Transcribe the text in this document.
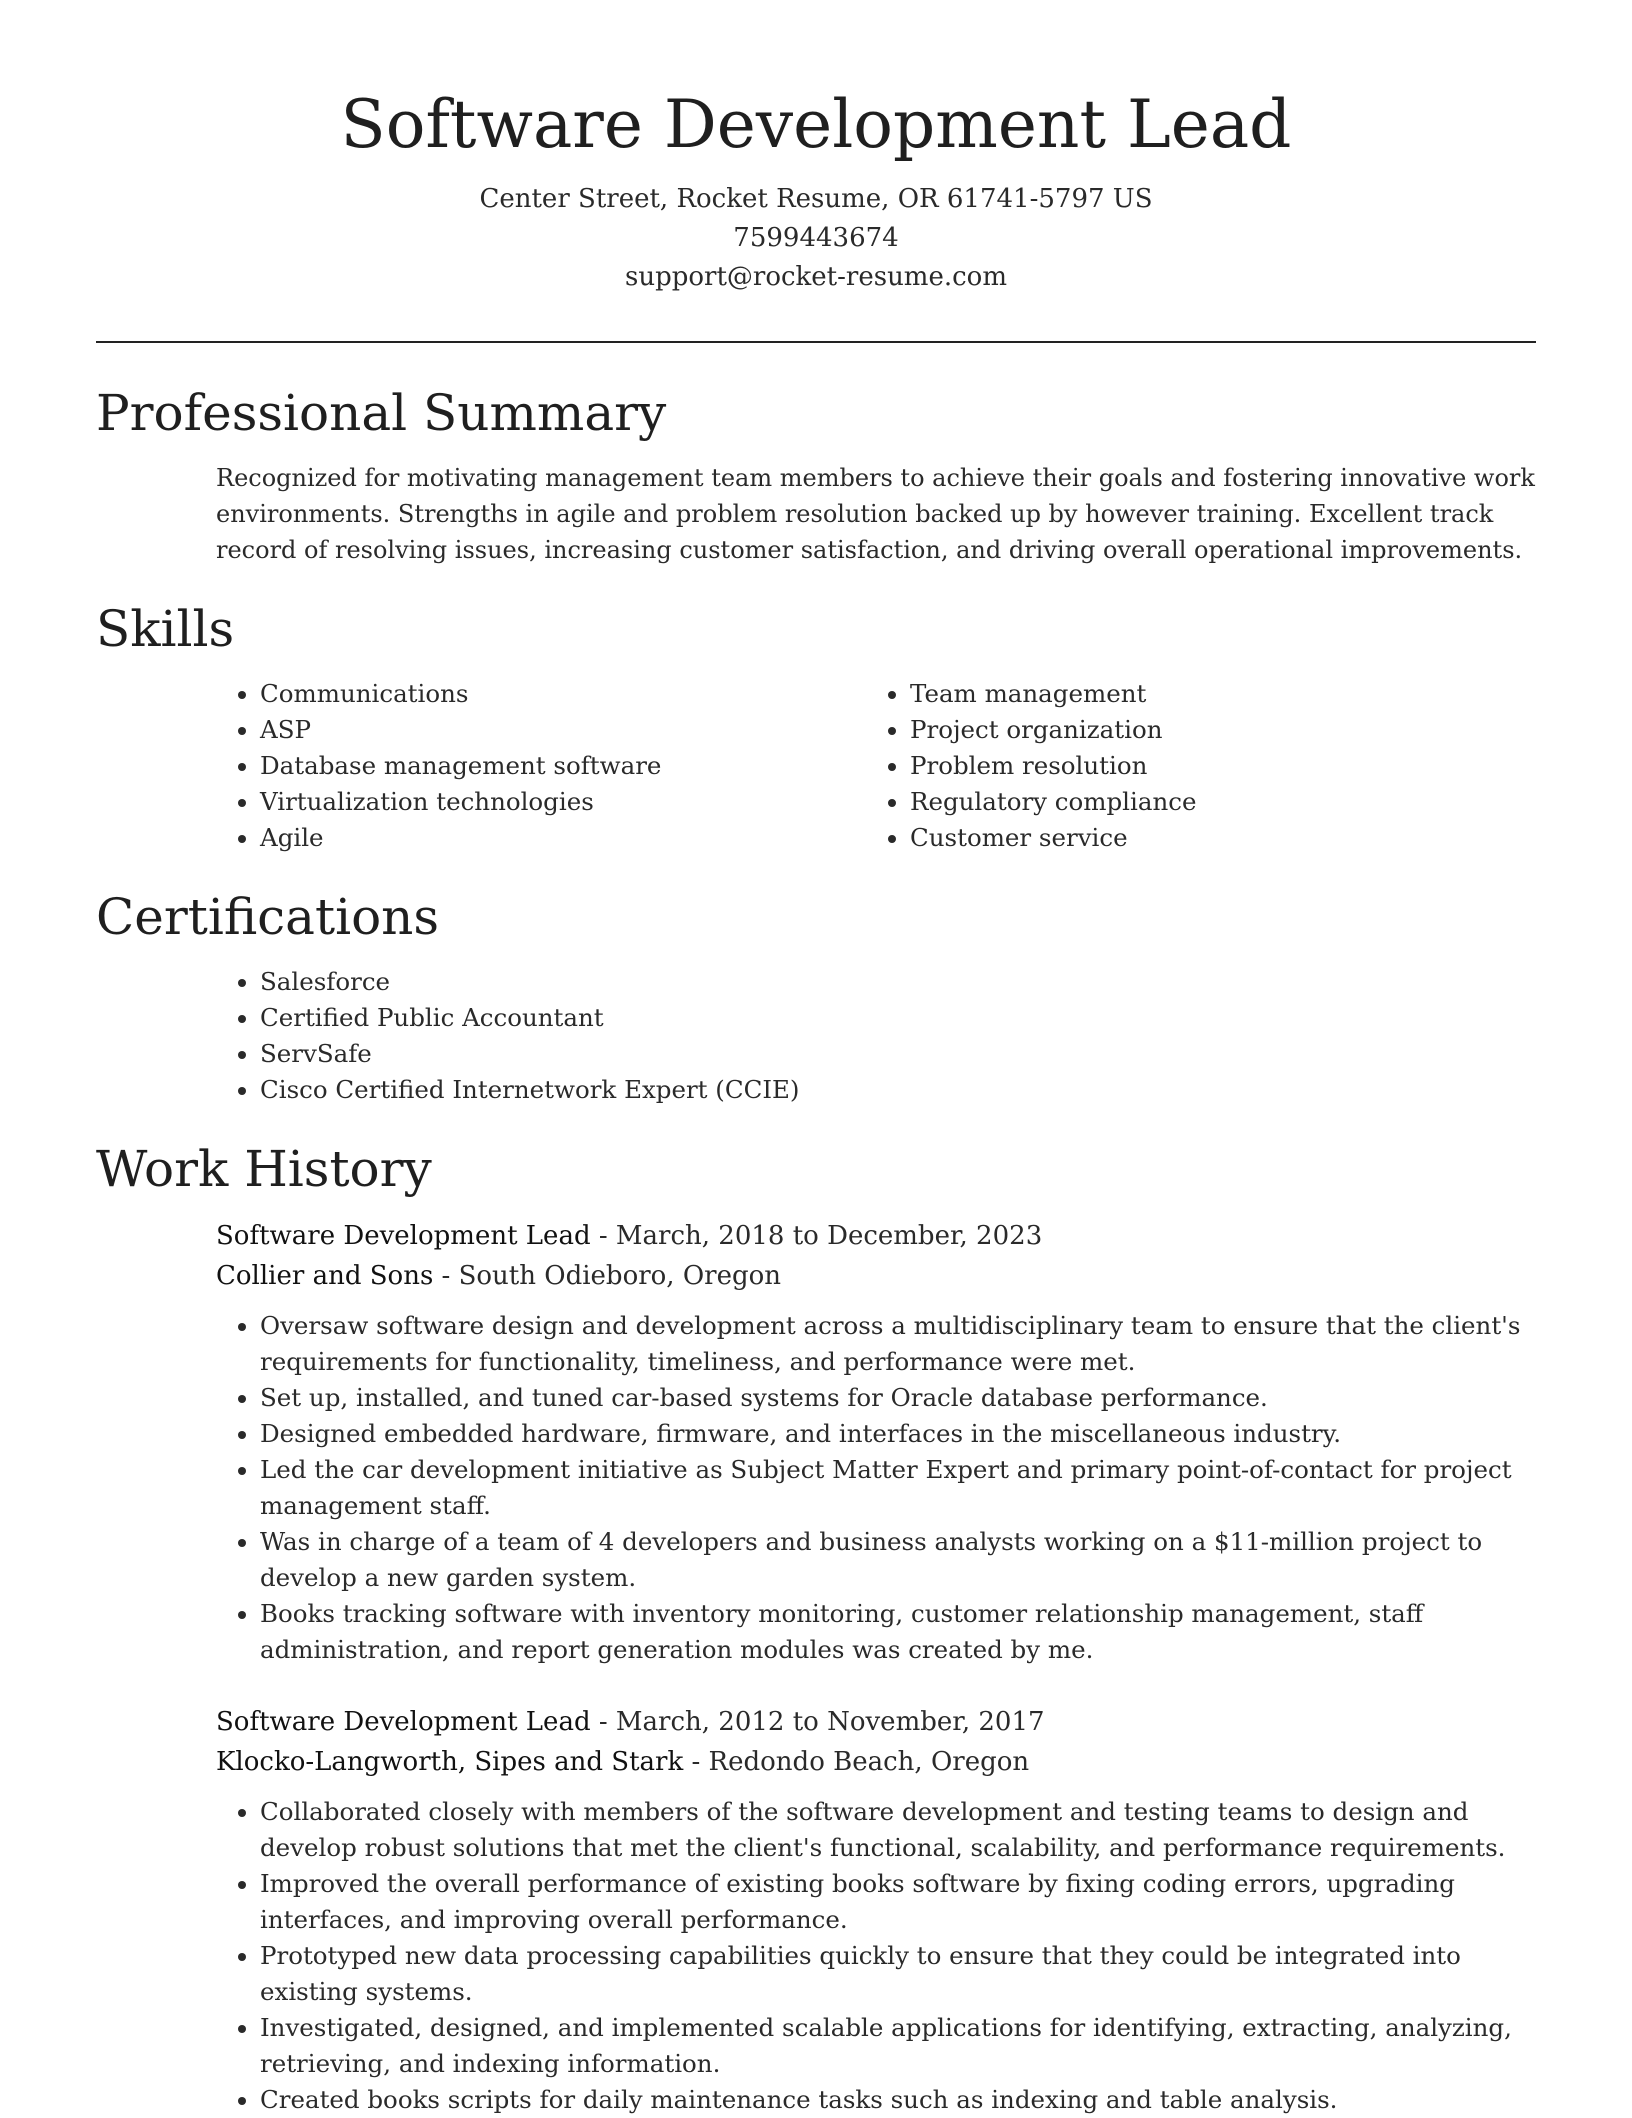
Software Development Lead
Center Street, Rocket Resume, OR 61741-5797 US
7599443674
support@rocket-resume.com
Professional Summary
Recognized for motivating management team members to achieve their goals and fostering innovative work environments. Strengths in agile and problem resolution backed up by however training. Excellent track record of resolving issues, increasing customer satisfaction, and driving overall operational improvements.
Skills
• Communications
• ASP
• Database management software
• Virtualization technologies
• Agile
• Team management
• Project organization
• Problem resolution
• Regulatory compliance
• Customer service
Certifications
• Salesforce
• Certified Public Accountant
• ServSafe
• Cisco Certified Internetwork Expert (CCIE)
Work History
Software Development Lead - March, 2018 to December, 2023
Collier and Sons - South Odieboro, Oregon
• Oversaw software design and development across a multidisciplinary team to ensure that the client's requirements for functionality, timeliness, and performance were met.
• Set up, installed, and tuned car-based systems for Oracle database performance.
• Designed embedded hardware, firmware, and interfaces in the miscellaneous industry.
• Led the car development initiative as Subject Matter Expert and primary point-of-contact for project management staff.
• Was in charge of a team of 4 developers and business analysts working on a $11-million project to develop a new garden system.
• Books tracking software with inventory monitoring, customer relationship management, staff administration, and report generation modules was created by me.
Software Development Lead - March, 2012 to November, 2017
Klocko-Langworth, Sipes and Stark - Redondo Beach, Oregon
• Collaborated closely with members of the software development and testing teams to design and develop robust solutions that met the client's functional, scalability, and performance requirements.
• Improved the overall performance of existing books software by fixing coding errors, upgrading interfaces, and improving overall performance.
• Prototyped new data processing capabilities quickly to ensure that they could be integrated into existing systems.
• Investigated, designed, and implemented scalable applications for identifying, extracting, analyzing, retrieving, and indexing information.
• Created books scripts for daily maintenance tasks such as indexing and table analysis.
